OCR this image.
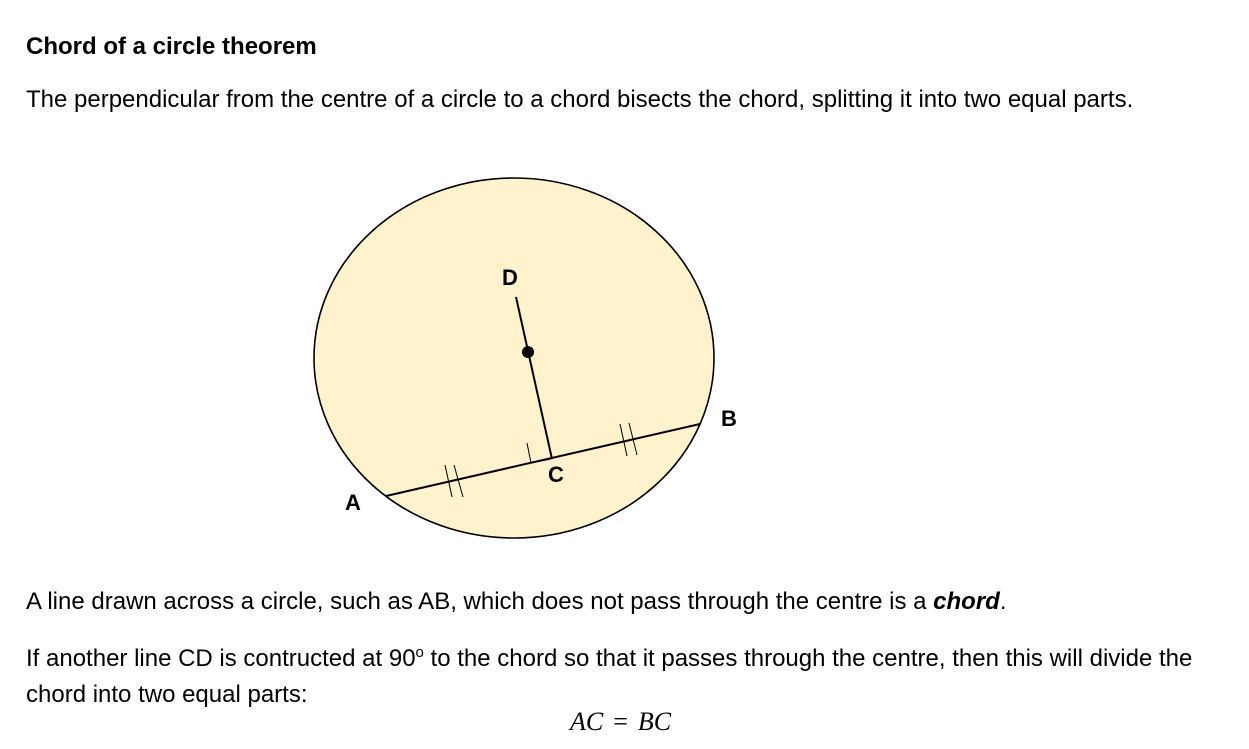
Chord of a circle theorem

The perpendicular from the centre of a circle to a chord bisects the chord, splitting it into two equal parts.

A
B
C
D

A line drawn across a circle, such as AB, which does not pass through the centre is a chord.

If another line CD is contructed at 90$^o$ to the chord so that it passes through the centre, then this will divide the chord into two equal parts:

AC = BC
